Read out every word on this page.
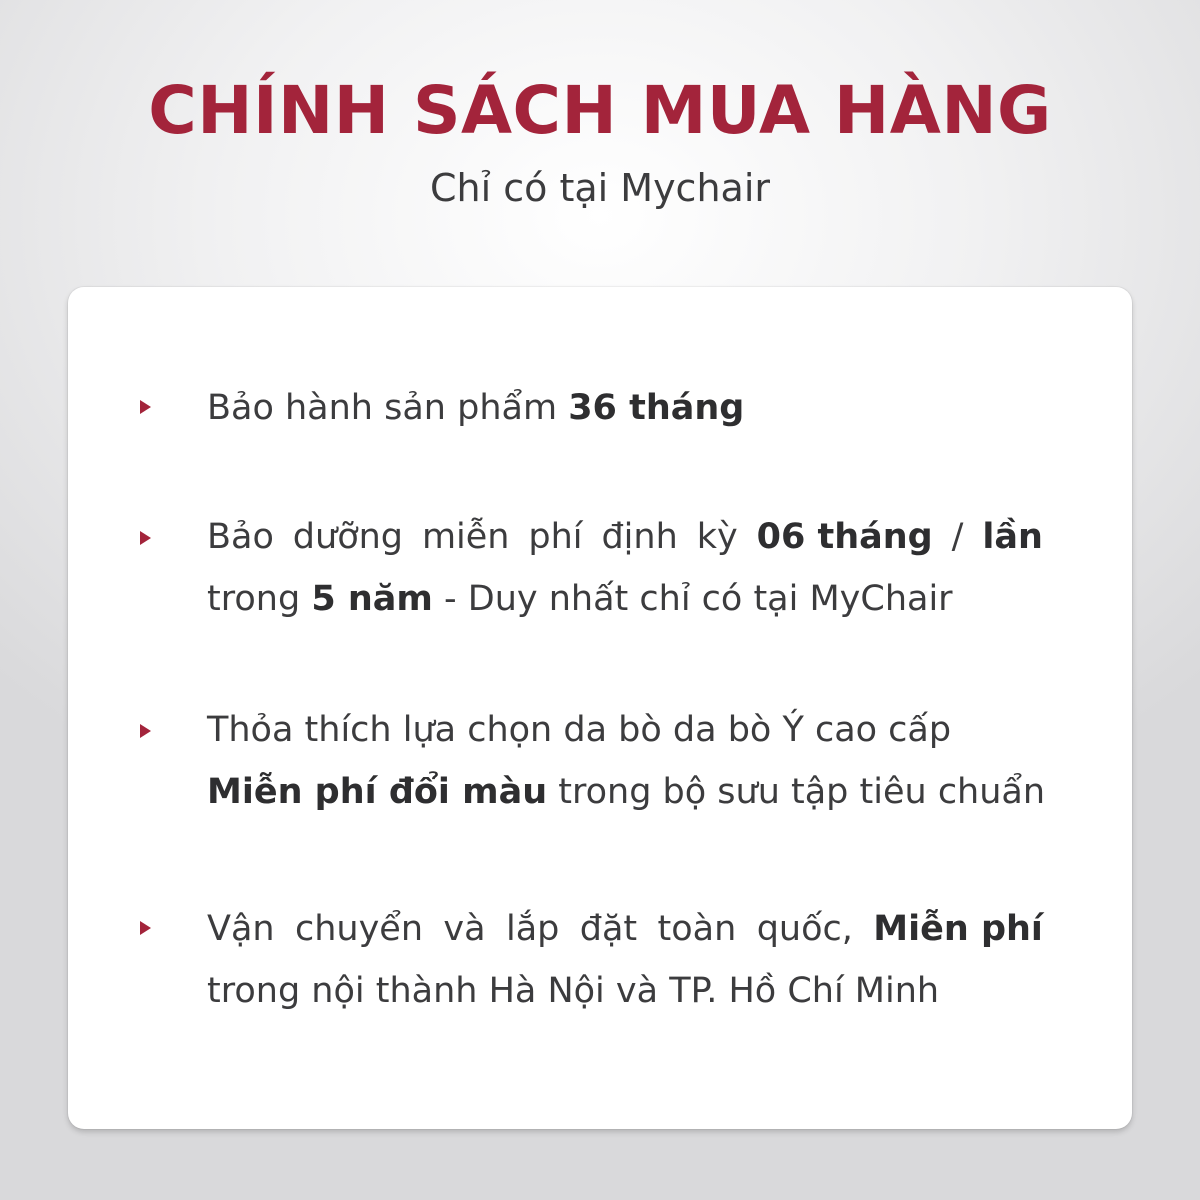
CHÍNH SÁCH MUA HÀNG
Chỉ có tại Mychair
Bảo hành sản phẩm 36 tháng
Bảo dưỡng miễn phí định kỳ 06 tháng / lần
trong 5 năm - Duy nhất chỉ có tại MyChair
Thỏa thích lựa chọn da bò da bò Ý cao cấp
Miễn phí đổi màu trong bộ sưu tập tiêu chuẩn
Vận chuyển và lắp đặt toàn quốc, Miễn phí
trong nội thành Hà Nội và TP. Hồ Chí Minh
